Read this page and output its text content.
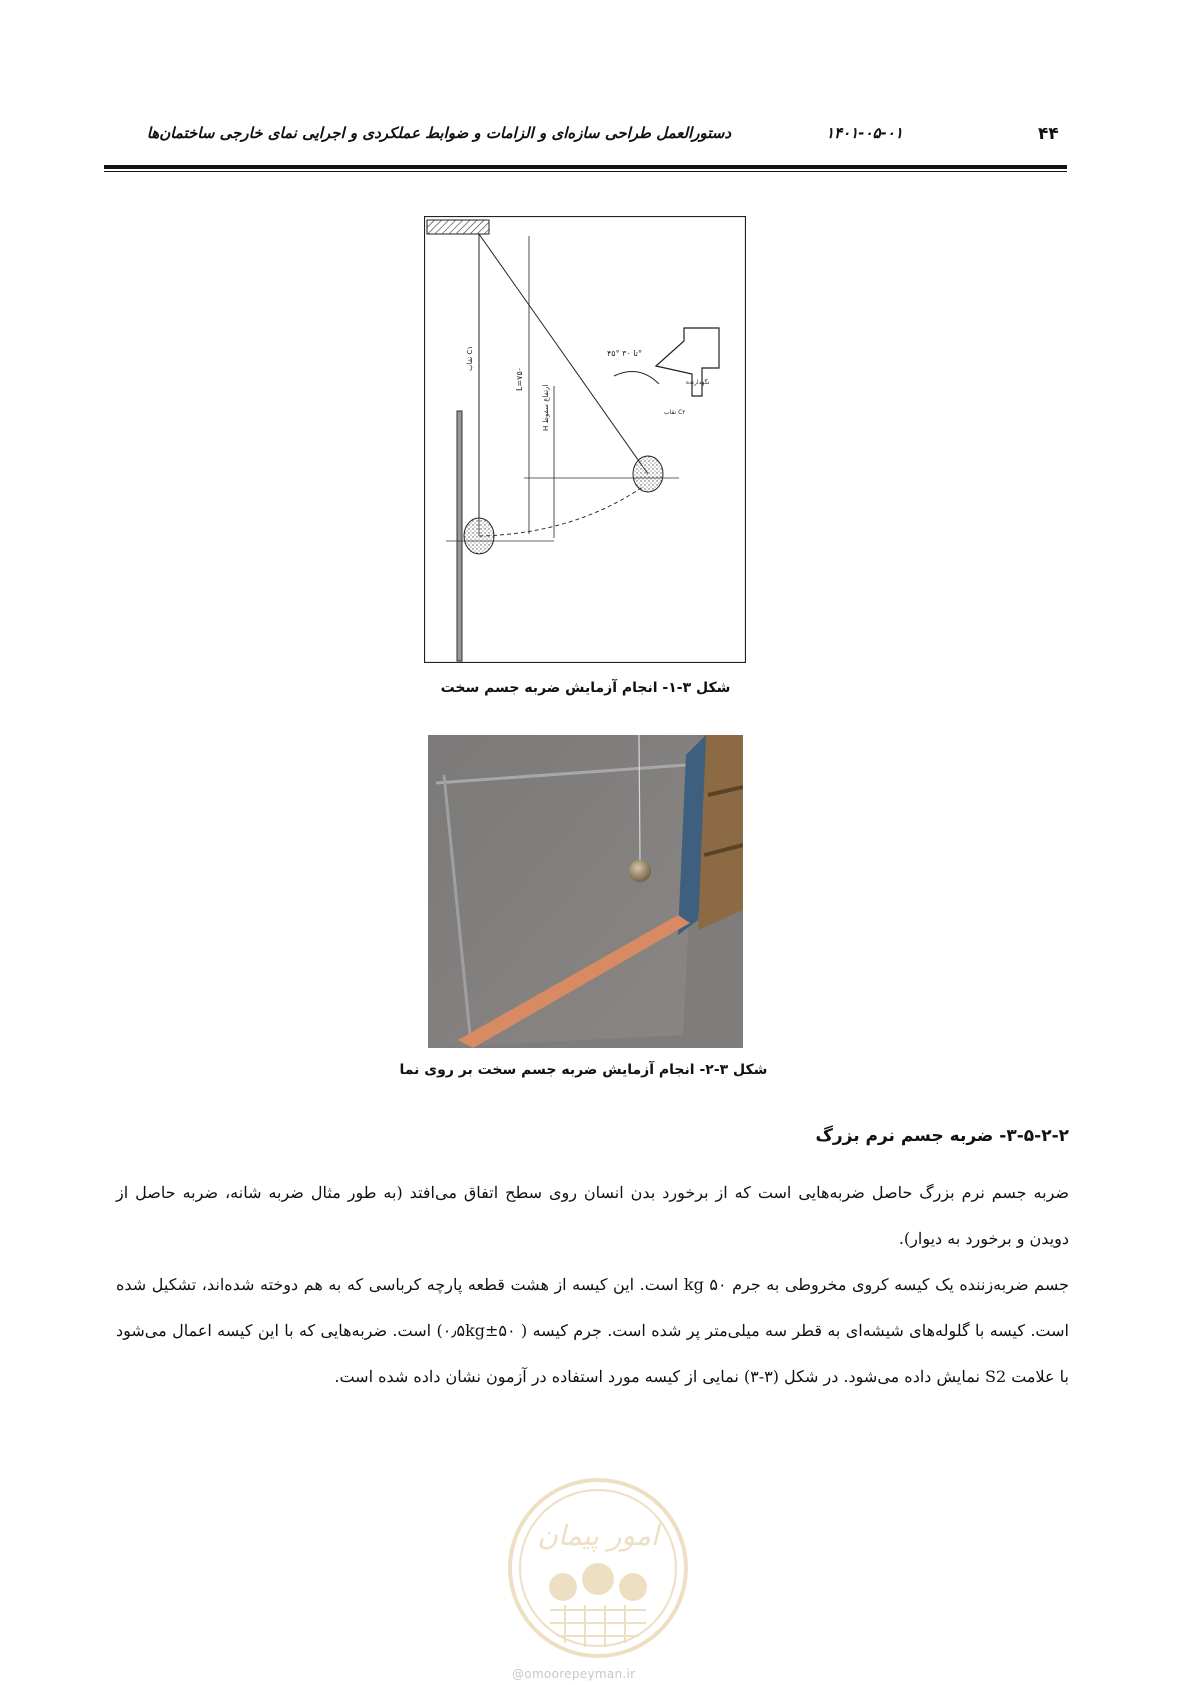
۴۴
۱۴۰۱-۰۵-۰۱
دستورالعمل طراحی سازه‌ای و الزامات و ضوابط عملکردی و اجرایی نمای خارجی ساختمان‌ها
L=۷۵۰
H ارتفاع سقوط
نقاب C۱	۴۵° تا ۳۰°
نگهدارنده
نقاب C۲
شکل ۳-۱- انجام آزمایش ضربه جسم سخت
شکل ۳-۲- انجام آزمایش ضربه جسم سخت بر روی نما
۳-۵-۲-۲- ضربه جسم نرم بزرگ

ضربه جسم نرم بزرگ حاصل ضربه‌هایی است که از برخورد بدن انسان روی سطح اتفاق می‌افتد (به طور مثال ضربه شانه، ضربه حاصل از دویدن و برخورد به دیوار).

جسم ضربه‌زننده یک کیسه کروی مخروطی به جرم ۵۰ kg است. این کیسه از هشت قطعه پارچه کرباسی که به هم دوخته شده‌اند، تشکیل شده است. کیسه با گلوله‌های شیشه‌ای به قطر سه میلی‌متر پر شده است. جرم کیسه ( ۵۰±۰٫۵kg) است. ضربه‌هایی که با این کیسه اعمال می‌شود با علامت S2 نمایش داده می‌شود. در شکل (۳-۳) نمایی از کیسه مورد استفاده در آزمون نشان داده شده است.

امور پیمان
@omoorepeyman.ir
